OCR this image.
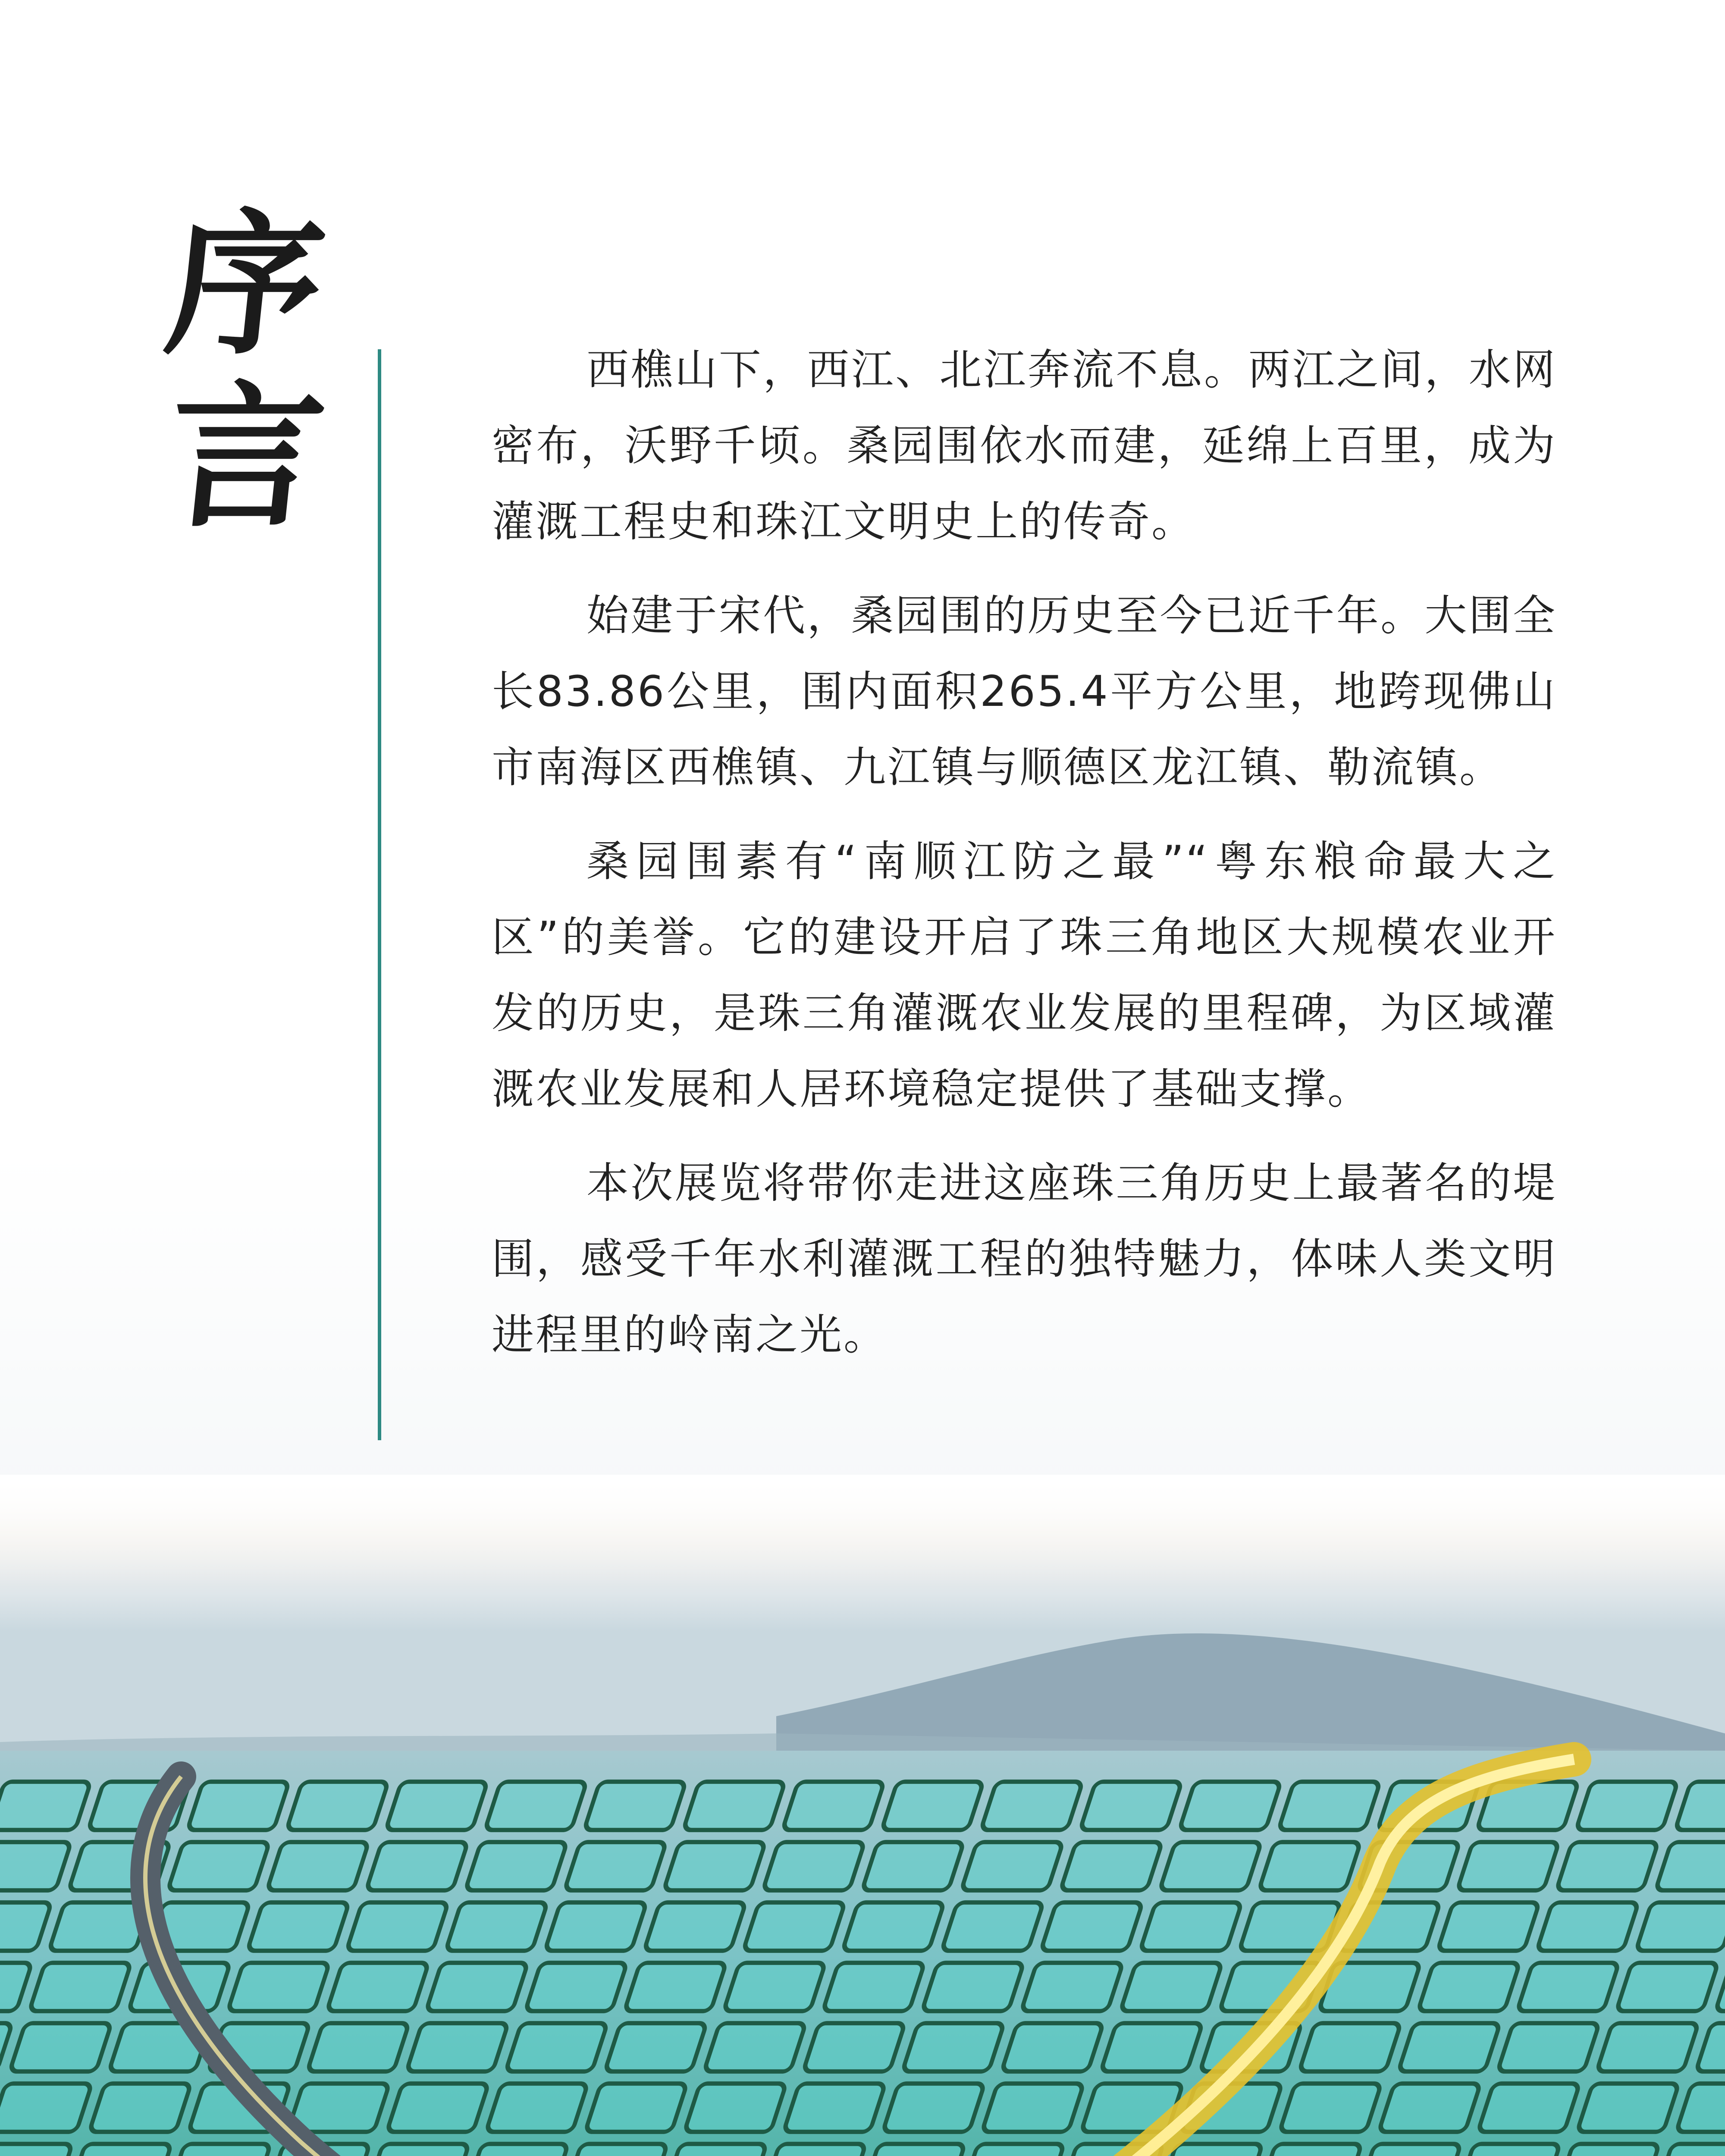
序
言	西樵山下，西江、北江奔流不息。两江之间，水网密布，沃野千顷。桑园围依水而建，延绵上百里，成为灌溉工程史和珠江文明史上的传奇。

始建于宋代，桑园围的历史至今已近千年。大围全长83.86公里，围内面积265.4平方公里，地跨现佛山市南海区西樵镇、九江镇与顺德区龙江镇、勒流镇。

桑园围素有“南顺江防之最”“粤东粮命最大之区”的美誉。它的建设开启了珠三角地区大规模农业开发的历史，是珠三角灌溉农业发展的里程碑，为区域灌溉农业发展和人居环境稳定提供了基础支撑。

本次展览将带你走进这座珠三角历史上最著名的堤围，感受千年水利灌溉工程的独特魅力，体味人类文明进程里的岭南之光。
